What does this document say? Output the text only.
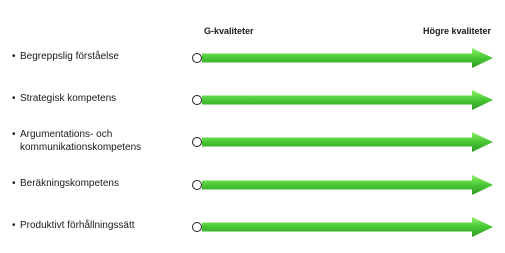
G-kvaliteter	Högre kvaliteter
• Begreppslig förståelse
• Strategisk kompetens
• Argumentations- och
kommunikationskompetens
• Beräkningskompetens
• Produktivt förhållningssätt
